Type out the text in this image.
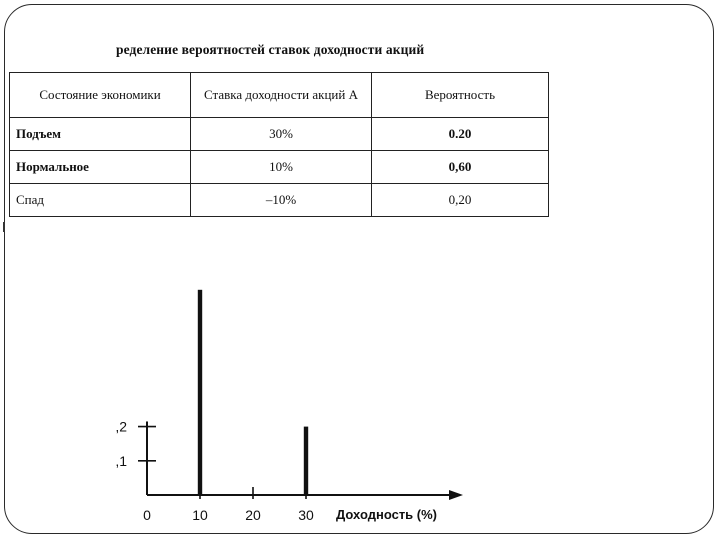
ределение вероятностей ставок доходности акций
Состояние экономики	Ставка доходности акций A	Вероятность
Подъем	30%	0.20
Нормальное	10%	0,60
Спад	–10%	0,20
0	10	20	30
,1
,2
Доходность (%)
